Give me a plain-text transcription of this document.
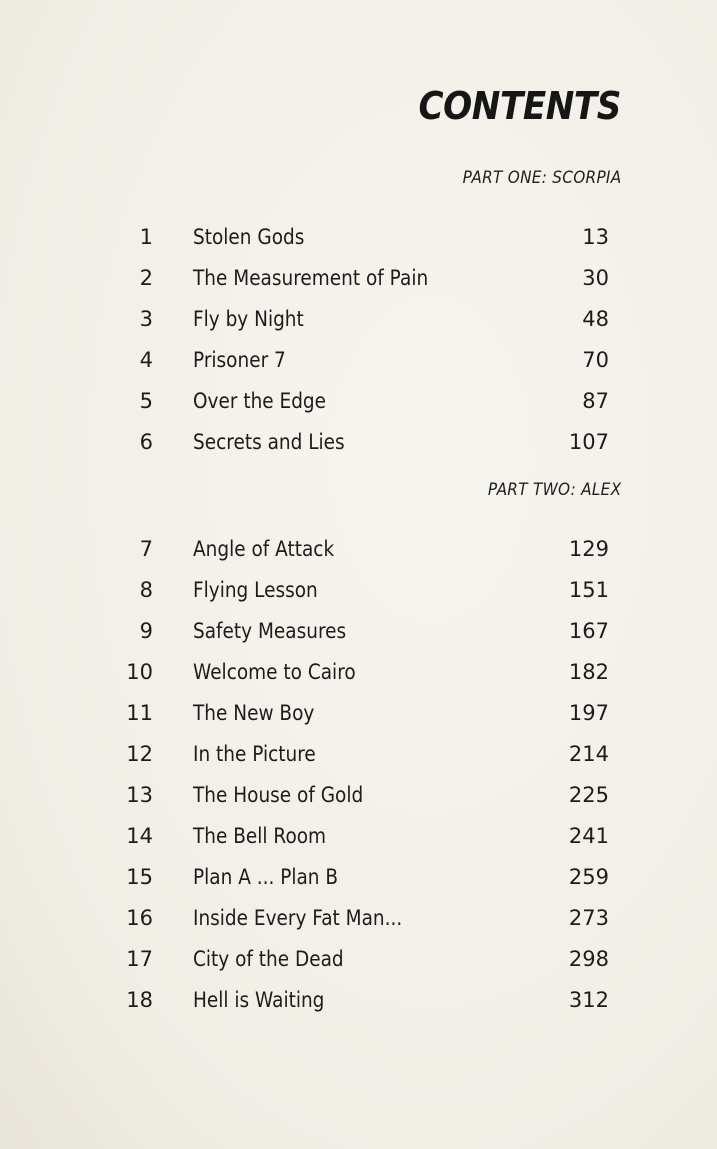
CONTENTS
PART ONE: SCORPIA
PART TWO: ALEX
1 Stolen Gods	13
2 The Measurement of Pain	30
3 Fly by Night	48
4 Prisoner 7	70
5 Over the Edge	87
6 Secrets and Lies	107
7 Angle of Attack	129
8 Flying Lesson	151
9 Safety Measures	167
10 Welcome to Cairo	182
11 The New Boy	197
12 In the Picture	214
13 The House of Gold	225
14 The Bell Room	241
15 Plan A ... Plan B	259
16 Inside Every Fat Man...	273
17 City of the Dead	298
18 Hell is Waiting	312
